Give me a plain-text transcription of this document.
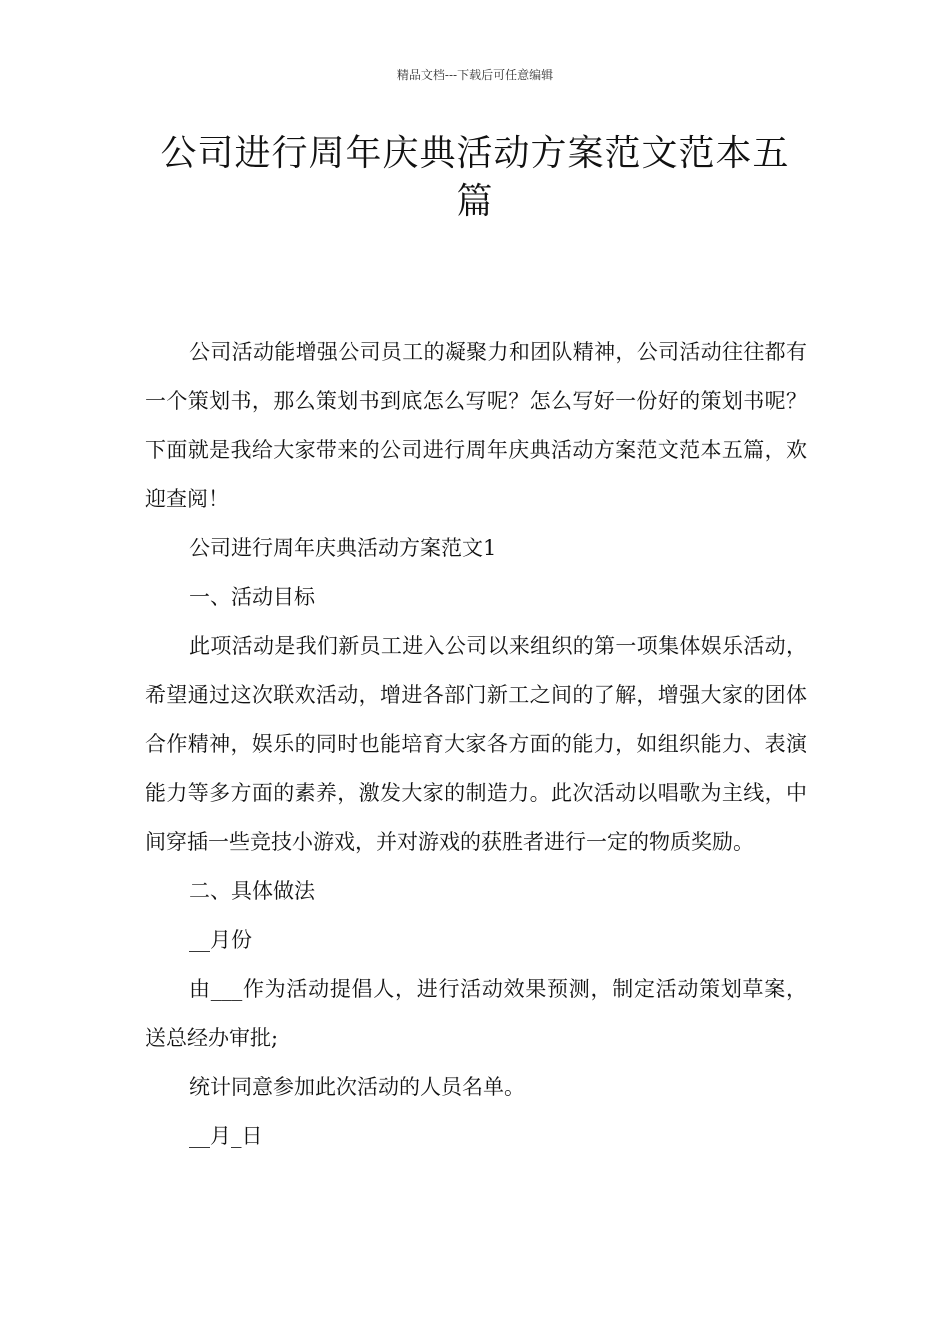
精品文档---下载后可任意编辑
公司进行周年庆典活动方案范文范本五
篇

公司活动能增强公司员工的凝聚力和团队精神，公司活动往往都有一个策划书，那么策划书到底怎么写呢？怎么写好一份好的策划书呢？下面就是我给大家带来的公司进行周年庆典活动方案范文范本五篇，欢迎查阅！

公司进行周年庆典活动方案范文1

一、活动目标

此项活动是我们新员工进入公司以来组织的第一项集体娱乐活动，希望通过这次联欢活动，增进各部门新工之间的了解，增强大家的团体合作精神，娱乐的同时也能培育大家各方面的能力，如组织能力、表演能力等多方面的素养，激发大家的制造力。此次活动以唱歌为主线，中间穿插一些竞技小游戏，并对游戏的获胜者进行一定的物质奖励。

二、具体做法

__月份

由___作为活动提倡人，进行活动效果预测，制定活动策划草案，送总经办审批;

统计同意参加此次活动的人员名单。

__月_日
